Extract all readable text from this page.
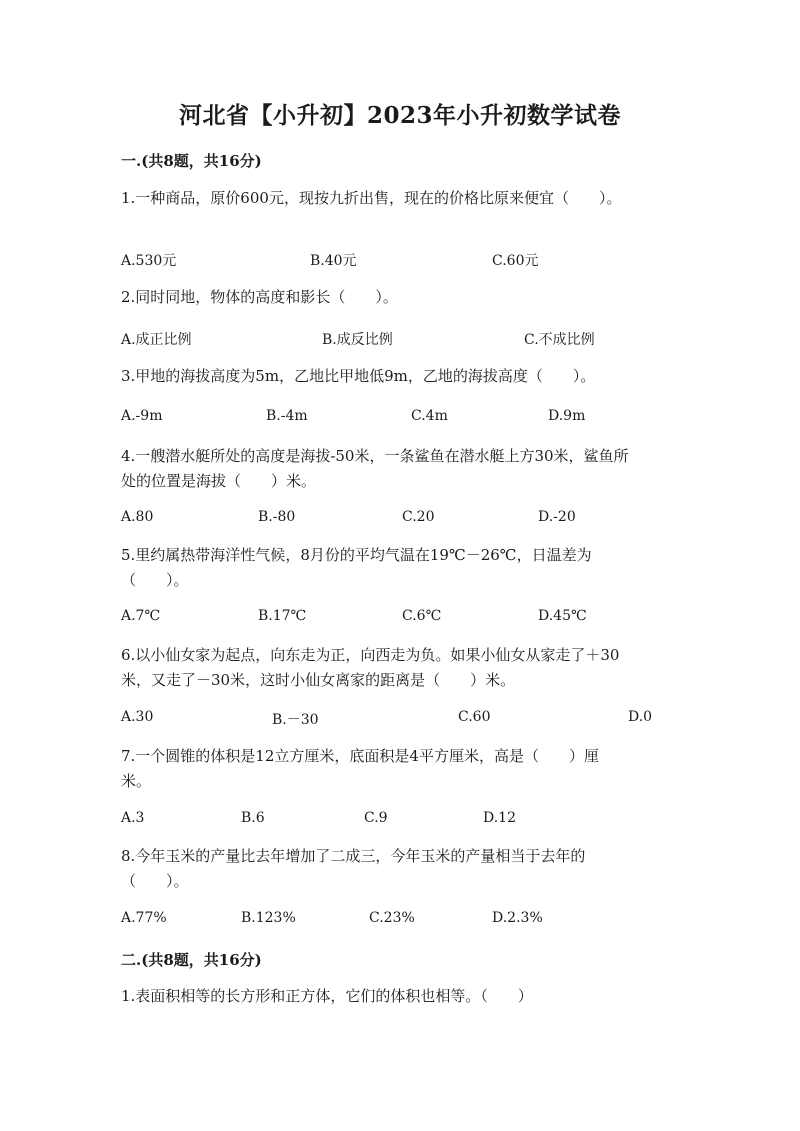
河北省【小升初】2023年小升初数学试卷
一.(共8题，共16分)

1.一种商品，原价600元，现按九折出售，现在的价格比原来便宜（　　）。

A.530元	B.40元	C.60元

2.同时同地，物体的高度和影长（　　）。

A.成正比例	B.成反比例	C.不成比例

3.甲地的海拔高度为5m，乙地比甲地低9m，乙地的海拔高度（　　）。

A.-9m	B.-4m	C.4m	D.9m

4.一艘潜水艇所处的高度是海拔-50米，一条鲨鱼在潜水艇上方30米，鲨鱼所

处的位置是海拔（　　）米。

A.80	B.-80	C.20	D.-20

5.里约属热带海洋性气候，8月份的平均气温在19℃－26℃，日温差为

（　　）。

A.7℃	B.17℃	C.6℃	D.45℃

6.以小仙女家为起点，向东走为正，向西走为负。如果小仙女从家走了＋30

米，又走了－30米，这时小仙女离家的距离是（　　）米。

A.30	B.－30	C.60	D.0

7.一个圆锥的体积是12立方厘米，底面积是4平方厘米，高是（　　）厘

米。

A.3	B.6	C.9	D.12

8.今年玉米的产量比去年增加了二成三，今年玉米的产量相当于去年的

（　　）。

A.77%	B.123%	C.23%	D.2.3%
二.(共8题，共16分)

1.表面积相等的长方形和正方体，它们的体积也相等。（　　）
